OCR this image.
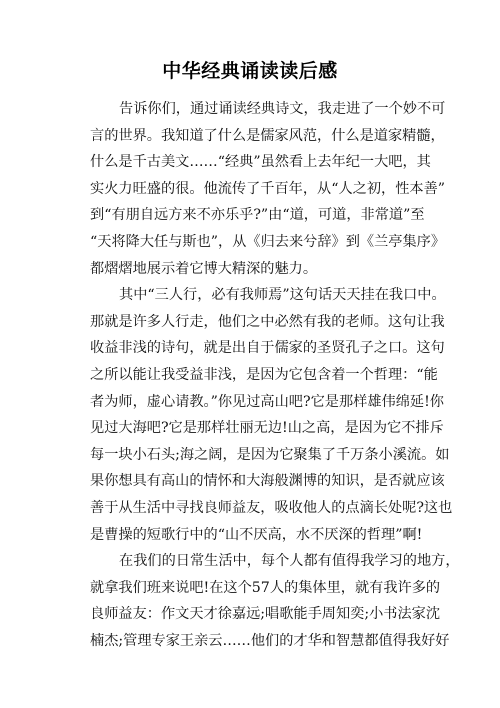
中华经典诵读读后感
告诉你们，通过诵读经典诗文，我走进了一个妙不可
言的世界。我知道了什么是儒家风范，什么是道家精髓，
什么是千古美文……“经典”虽然看上去年纪一大吧，其
实火力旺盛的很。他流传了千百年，从“人之初，性本善”
到“有朋自远方来不亦乐乎?”由“道，可道，非常道”至
“天将降大任与斯也”，从《归去来兮辞》到《兰亭集序》
都熠熠地展示着它博大精深的魅力。
其中“三人行，必有我师焉”这句话天天挂在我口中。
那就是许多人行走，他们之中必然有我的老师。这句让我
收益非浅的诗句，就是出自于儒家的圣贤孔子之口。这句
之所以能让我受益非浅，是因为它包含着一个哲理：“能
者为师，虚心请教。”你见过高山吧?它是那样雄伟绵延!你
见过大海吧?它是那样壮丽无边!山之高，是因为它不排斥
每一块小石头;海之阔，是因为它聚集了千万条小溪流。如
果你想具有高山的情怀和大海般渊博的知识，是否就应该
善于从生活中寻找良师益友，吸收他人的点滴长处呢?这也
是曹操的短歌行中的“山不厌高，水不厌深的哲理”啊!
在我们的日常生活中，每个人都有值得我学习的地方，
就拿我们班来说吧!在这个57人的集体里，就有我许多的
良师益友：作文天才徐嘉远;唱歌能手周知奕;小书法家沈
楠杰;管理专家王亲云……他们的才华和智慧都值得我好好
